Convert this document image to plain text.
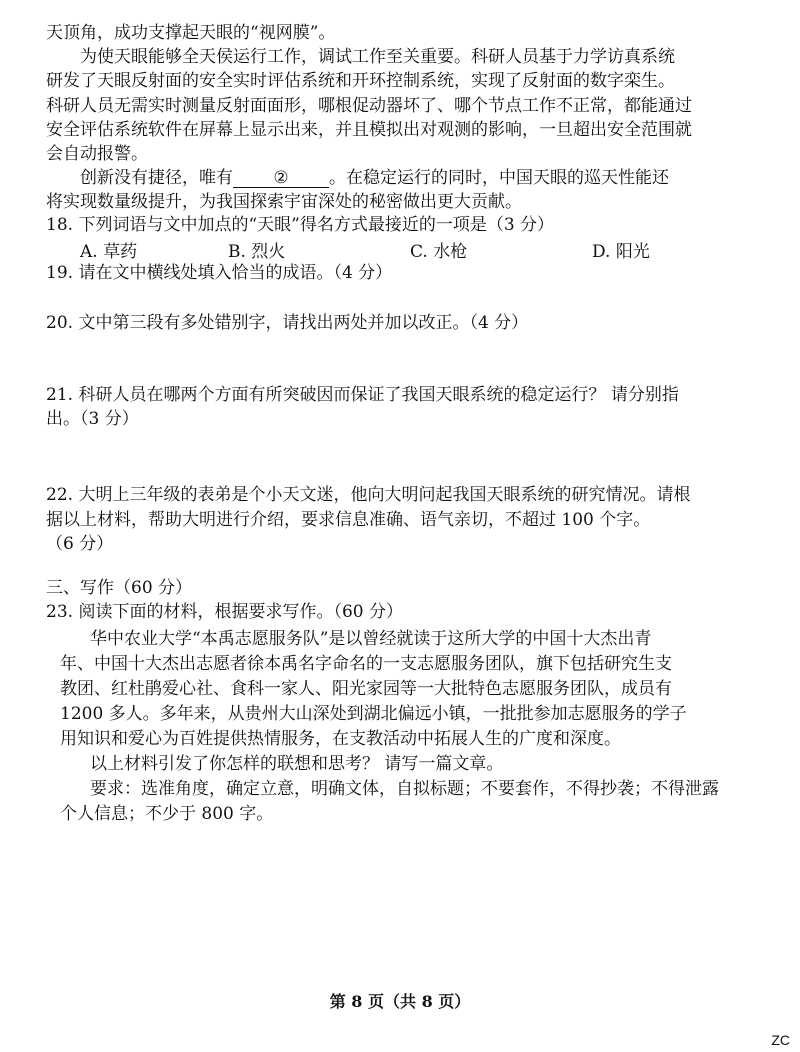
天顶角，成功支撑起天眼的“视网膜”。
为使天眼能够全天侯运行工作，调试工作至关重要。科研人员基于力学访真系统
研发了天眼反射面的安全实时评估系统和开环控制系统，实现了反射面的数字栾生。
科研人员无需实时测量反射面面形，哪根促动器坏了、哪个节点工作不正常，都能通过
安全评估系统软件在屏幕上显示出来，并且模拟出对观测的影响，一旦超出安全范围就
会自动报警。
创新没有捷径，唯有 ② 。在稳定运行的同时，中国天眼的巡天性能还
将实现数量级提升，为我国探索宇宙深处的秘密做出更大贡献。
18. 下列词语与文中加点的“天眼”得名方式最接近的一项是（3 分）
A. 草药	B. 烈火	C. 水枪	D. 阳光
19. 请在文中横线处填入恰当的成语。（4 分）
20. 文中第三段有多处错别字，请找出两处并加以改正。（4 分）
21. 科研人员在哪两个方面有所突破因而保证了我国天眼系统的稳定运行？ 请分别指
出。（3 分）
22. 大明上三年级的表弟是个小天文迷，他向大明问起我国天眼系统的研究情况。请根
据以上材料，帮助大明进行介绍，要求信息准确、语气亲切，不超过 100 个字。
（6 分）
三、写作（60 分）
23. 阅读下面的材料，根据要求写作。（60 分）
华中农业大学“本禹志愿服务队”是以曾经就读于这所大学的中国十大杰出青
年、中国十大杰出志愿者徐本禹名字命名的一支志愿服务团队，旗下包括研究生支
教团、红杜鹃爱心社、食科一家人、阳光家园等一大批特色志愿服务团队，成员有
1200 多人。多年来，从贵州大山深处到湖北偏远小镇，一批批参加志愿服务的学子
用知识和爱心为百姓提供热情服务，在支教活动中拓展人生的广度和深度。
以上材料引发了你怎样的联想和思考？ 请写一篇文章。
要求：选准角度，确定立意，明确文体，自拟标题；不要套作，不得抄袭；不得泄露
个人信息；不少于 800 字。
第 8 页（共 8 页）
ZC
